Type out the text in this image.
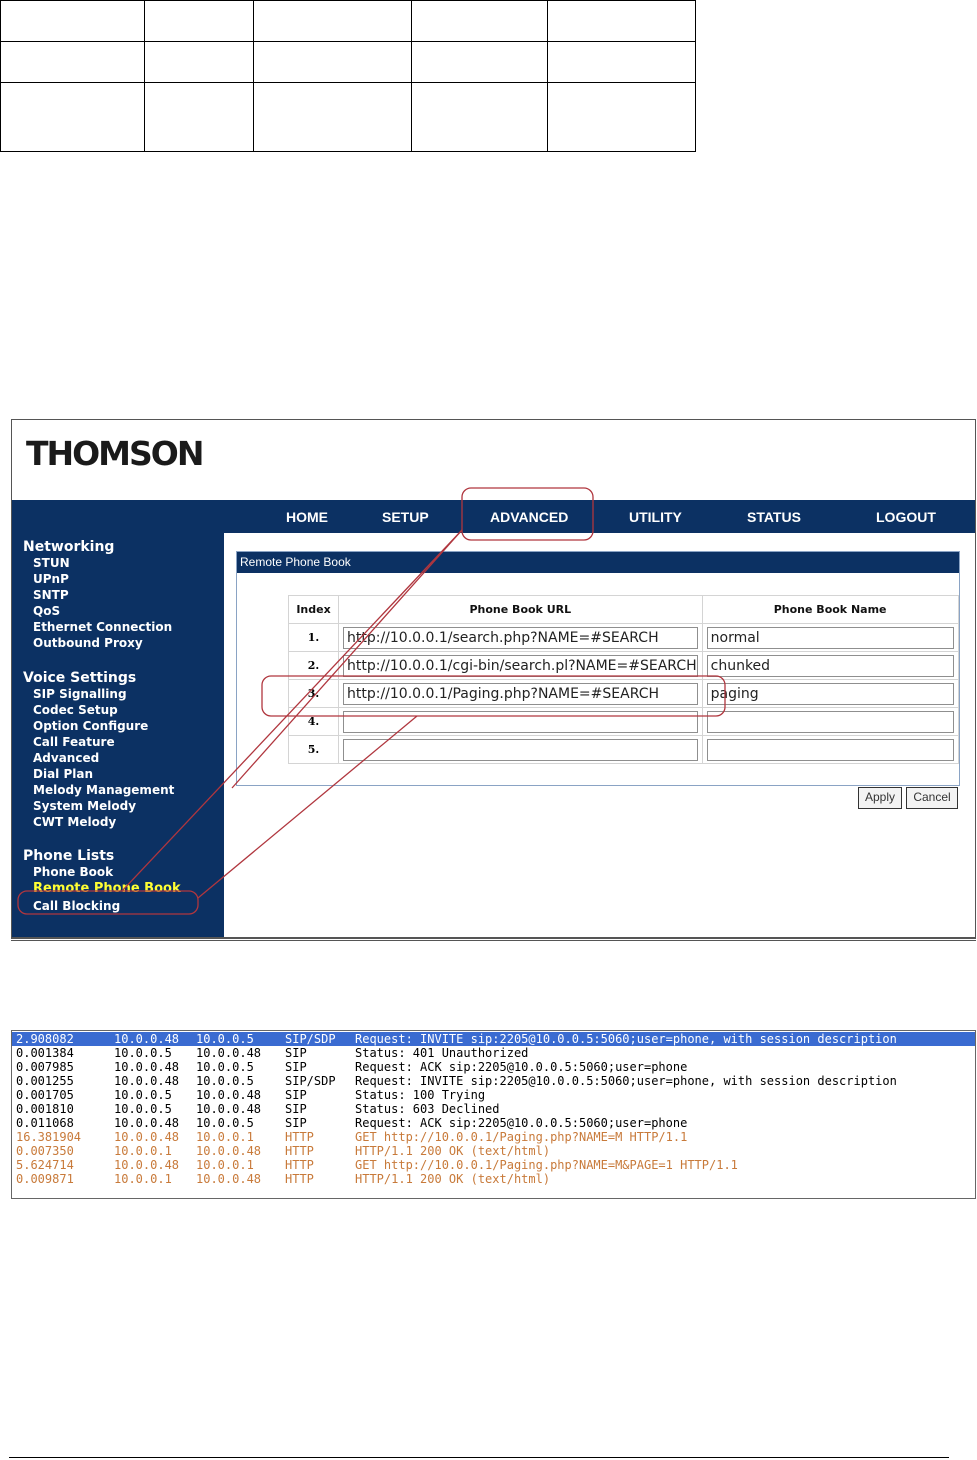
THOMSON
HOME	SETUP	ADVANCED	UTILITY	STATUS	LOGOUT
Networking
STUN
UPnP
SNTP
QoS
Ethernet Connection
Outbound Proxy
Voice Settings
SIP Signalling
Codec Setup
Option Configure
Call Feature
Advanced
Dial Plan
Melody Management
System Melody
CWT Melody
Phone Lists
Phone Book
Remote Phone Book
Call Blocking
Remote Phone Book
Index	Phone Book URL	Phone Book Name
1.	http://10.0.0.1/search.php?NAME=#SEARCH	normal

2.	http://10.0.0.1/cgi-bin/search.pl?NAME=#SEARCH	chunked

3.	http://10.0.0.1/Paging.php?NAME=#SEARCH	paging

4.	

5.	

Apply	Cancel
2.908082	10.0.0.48 10.0.0.5	SIP/SDP Request: INVITE sip:2205@10.0.0.5:5060;user=phone, with session description
0.001384	10.0.0.5 10.0.0.48 SIP	Status: 401 Unauthorized
0.007985	10.0.0.48 10.0.0.5	SIP	Request: ACK sip:2205@10.0.0.5:5060;user=phone
0.001255	10.0.0.48 10.0.0.5	SIP/SDP Request: INVITE sip:2205@10.0.0.5:5060;user=phone, with session description
0.001705	10.0.0.5 10.0.0.48 SIP	Status: 100 Trying
0.001810	10.0.0.5 10.0.0.48 SIP	Status: 603 Declined
0.011068	10.0.0.48 10.0.0.5	SIP	Request: ACK sip:2205@10.0.0.5:5060;user=phone
16.381904	10.0.0.48 10.0.0.1	HTTP	GET http://10.0.0.1/Paging.php?NAME=M HTTP/1.1
0.007350	10.0.0.1 10.0.0.48 HTTP	HTTP/1.1 200 OK (text/html)
5.624714	10.0.0.48 10.0.0.1	HTTP	GET http://10.0.0.1/Paging.php?NAME=M&PAGE=1 HTTP/1.1
0.009871	10.0.0.1 10.0.0.48 HTTP	HTTP/1.1 200 OK (text/html)
